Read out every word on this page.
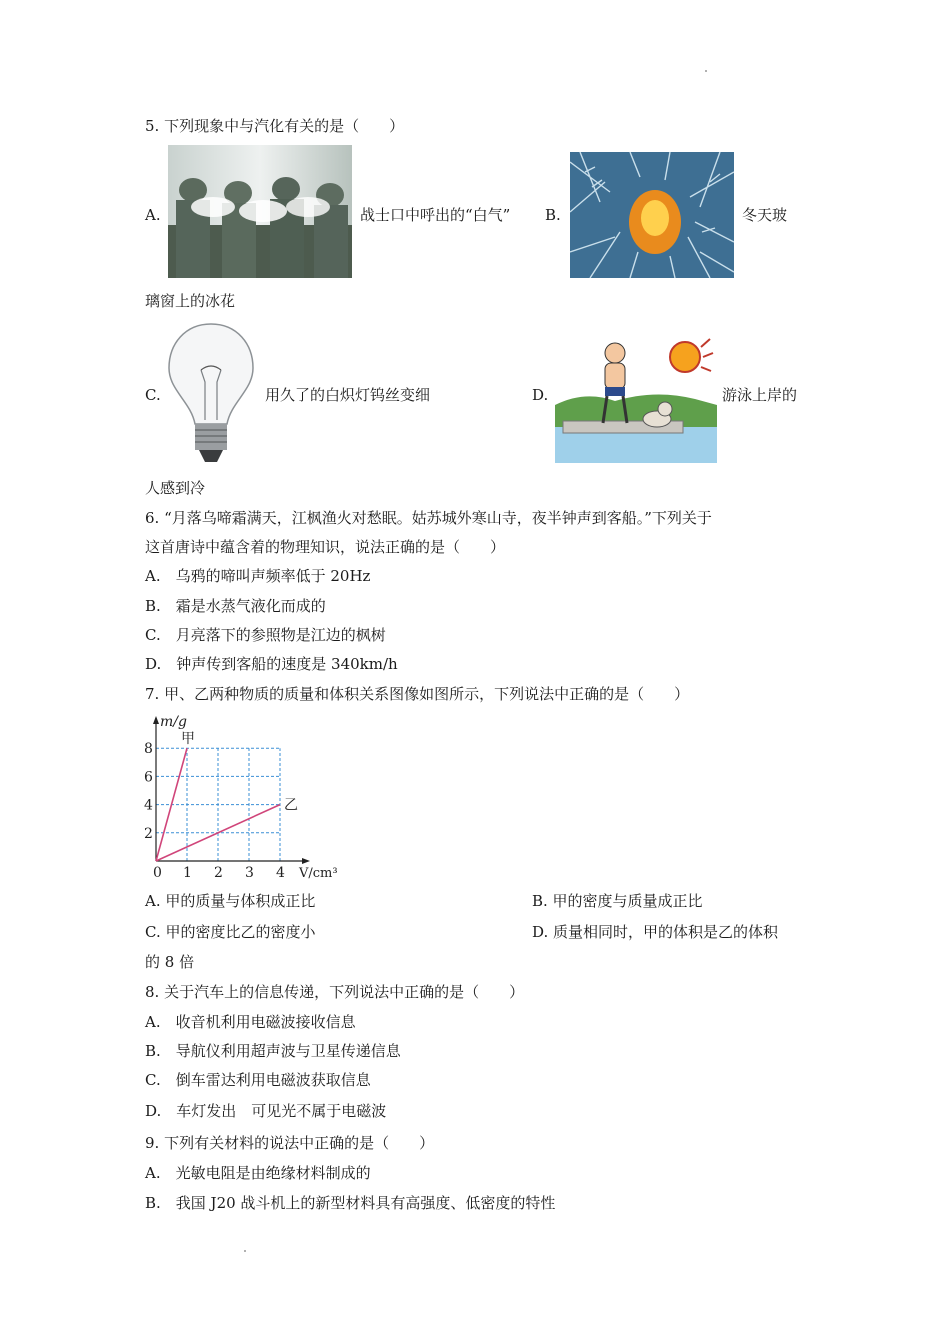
5. 下列现象中与汽化有关的是（　　）
A.	战士口中呼出的“白气” B.	冬天玻
璃窗上的冰花
C.	用久了的白炽灯钨丝变细	D.	游泳上岸的
人感到冷
6. “月落乌啼霜满天，江枫渔火对愁眠。姑苏城外寒山寺，夜半钟声到客船。”下列关于
这首唐诗中蕴含着的物理知识，说法正确的是（　　）
A.　乌鸦的啼叫声频率低于 20Hz
B.　霜是水蒸气液化而成的
C.　月亮落下的参照物是江边的枫树
D.　钟声传到客船的速度是 340km/h
7. 甲、乙两种物质的质量和体积关系图像如图所示，下列说法中正确的是（　　）
甲
乙
0 1 2 3 4
2
4
6
8
m/g
V/cm³
A. 甲的质量与体积成正比	B. 甲的密度与质量成正比
C. 甲的密度比乙的密度小	D. 质量相同时，甲的体积是乙的体积
的 8 倍
8. 关于汽车上的信息传递，下列说法中正确的是（　　）
A.　收音机利用电磁波接收信息
B.　导航仪利用超声波与卫星传递信息
C.　倒车雷达利用电磁波获取信息
D.　车灯发出　可见光不属于电磁波
9. 下列有关材料的说法中正确的是（　　）
A.　光敏电阻是由绝缘材料制成的
B.　我国 J20 战斗机上的新型材料具有高强度、低密度的特性
